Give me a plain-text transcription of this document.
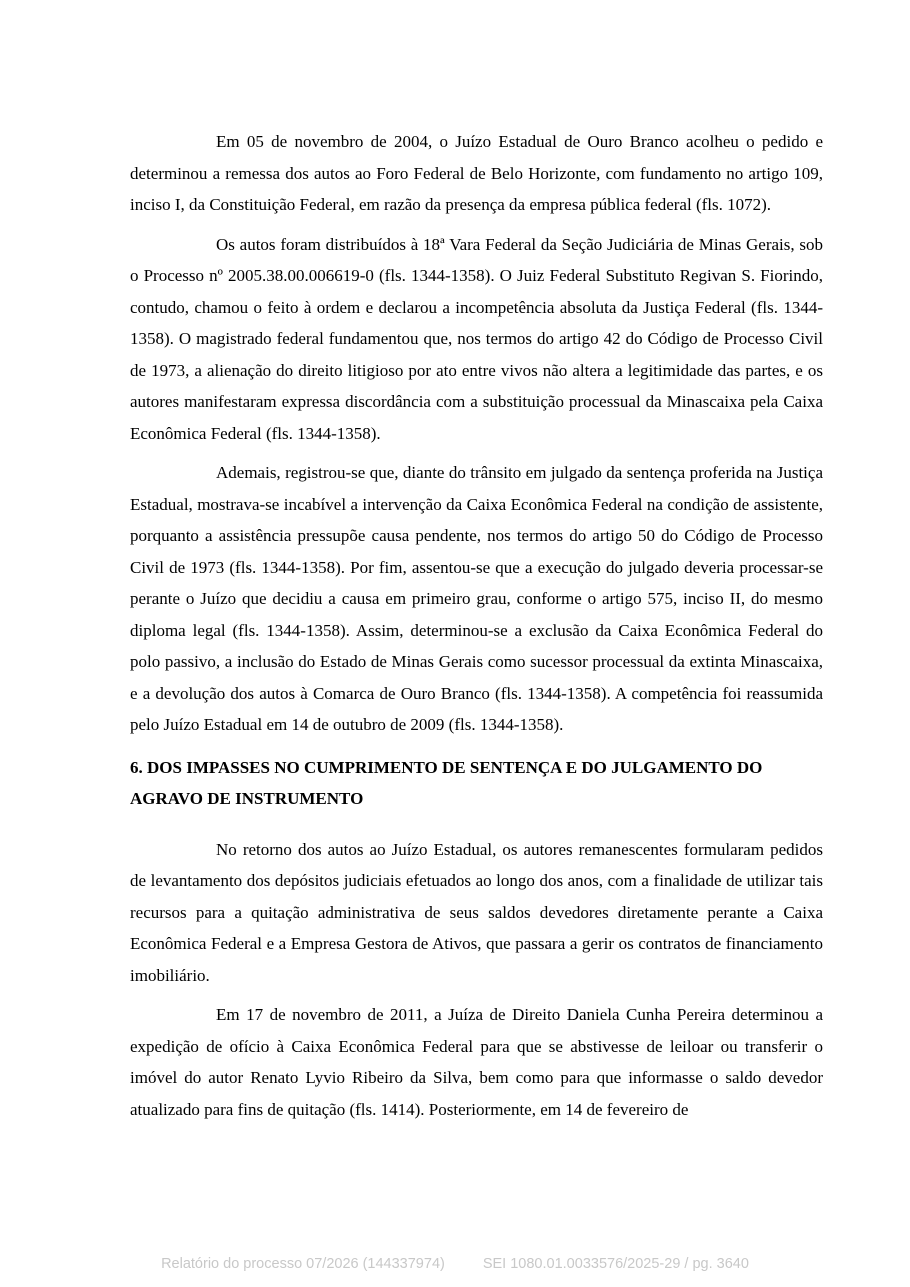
Em 05 de novembro de 2004, o Juízo Estadual de Ouro Branco acolheu o pedido e determinou a remessa dos autos ao Foro Federal de Belo Horizonte, com fundamento no artigo 109, inciso I, da Constituição Federal, em razão da presença da empresa pública federal (fls. 1072).

Os autos foram distribuídos à 18ª Vara Federal da Seção Judiciária de Minas Gerais, sob o Processo nº 2005.38.00.006619-0 (fls. 1344-1358). O Juiz Federal Substituto Regivan S. Fiorindo, contudo, chamou o feito à ordem e declarou a incompetência absoluta da Justiça Federal (fls. 1344-1358). O magistrado federal fundamentou que, nos termos do artigo 42 do Código de Processo Civil de 1973, a alienação do direito litigioso por ato entre vivos não altera a legitimidade das partes, e os autores manifestaram expressa discordância com a substituição processual da Minascaixa pela Caixa Econômica Federal (fls. 1344-1358).

Ademais, registrou-se que, diante do trânsito em julgado da sentença proferida na Justiça Estadual, mostrava-se incabível a intervenção da Caixa Econômica Federal na condição de assistente, porquanto a assistência pressupõe causa pendente, nos termos do artigo 50 do Código de Processo Civil de 1973 (fls. 1344-1358). Por fim, assentou-se que a execução do julgado deveria processar-se perante o Juízo que decidiu a causa em primeiro grau, conforme o artigo 575, inciso II, do mesmo diploma legal (fls. 1344-1358). Assim, determinou-se a exclusão da Caixa Econômica Federal do polo passivo, a inclusão do Estado de Minas Gerais como sucessor processual da extinta Minascaixa, e a devolução dos autos à Comarca de Ouro Branco (fls. 1344-1358). A competência foi reassumida pelo Juízo Estadual em 14 de outubro de 2009 (fls. 1344-1358).

6. DOS IMPASSES NO CUMPRIMENTO DE SENTENÇA E DO JULGAMENTO DO AGRAVO DE INSTRUMENTO

No retorno dos autos ao Juízo Estadual, os autores remanescentes formularam pedidos de levantamento dos depósitos judiciais efetuados ao longo dos anos, com a finalidade de utilizar tais recursos para a quitação administrativa de seus saldos devedores diretamente perante a Caixa Econômica Federal e a Empresa Gestora de Ativos, que passara a gerir os contratos de financiamento imobiliário.

Em 17 de novembro de 2011, a Juíza de Direito Daniela Cunha Pereira determinou a expedição de ofício à Caixa Econômica Federal para que se abstivesse de leiloar ou transferir o imóvel do autor Renato Lyvio Ribeiro da Silva, bem como para que informasse o saldo devedor atualizado para fins de quitação (fls. 1414). Posteriormente, em 14 de fevereiro de

Relatório do processo 07/2026 (144337974)	SEI 1080.01.0033576/2025-29 / pg. 3640
